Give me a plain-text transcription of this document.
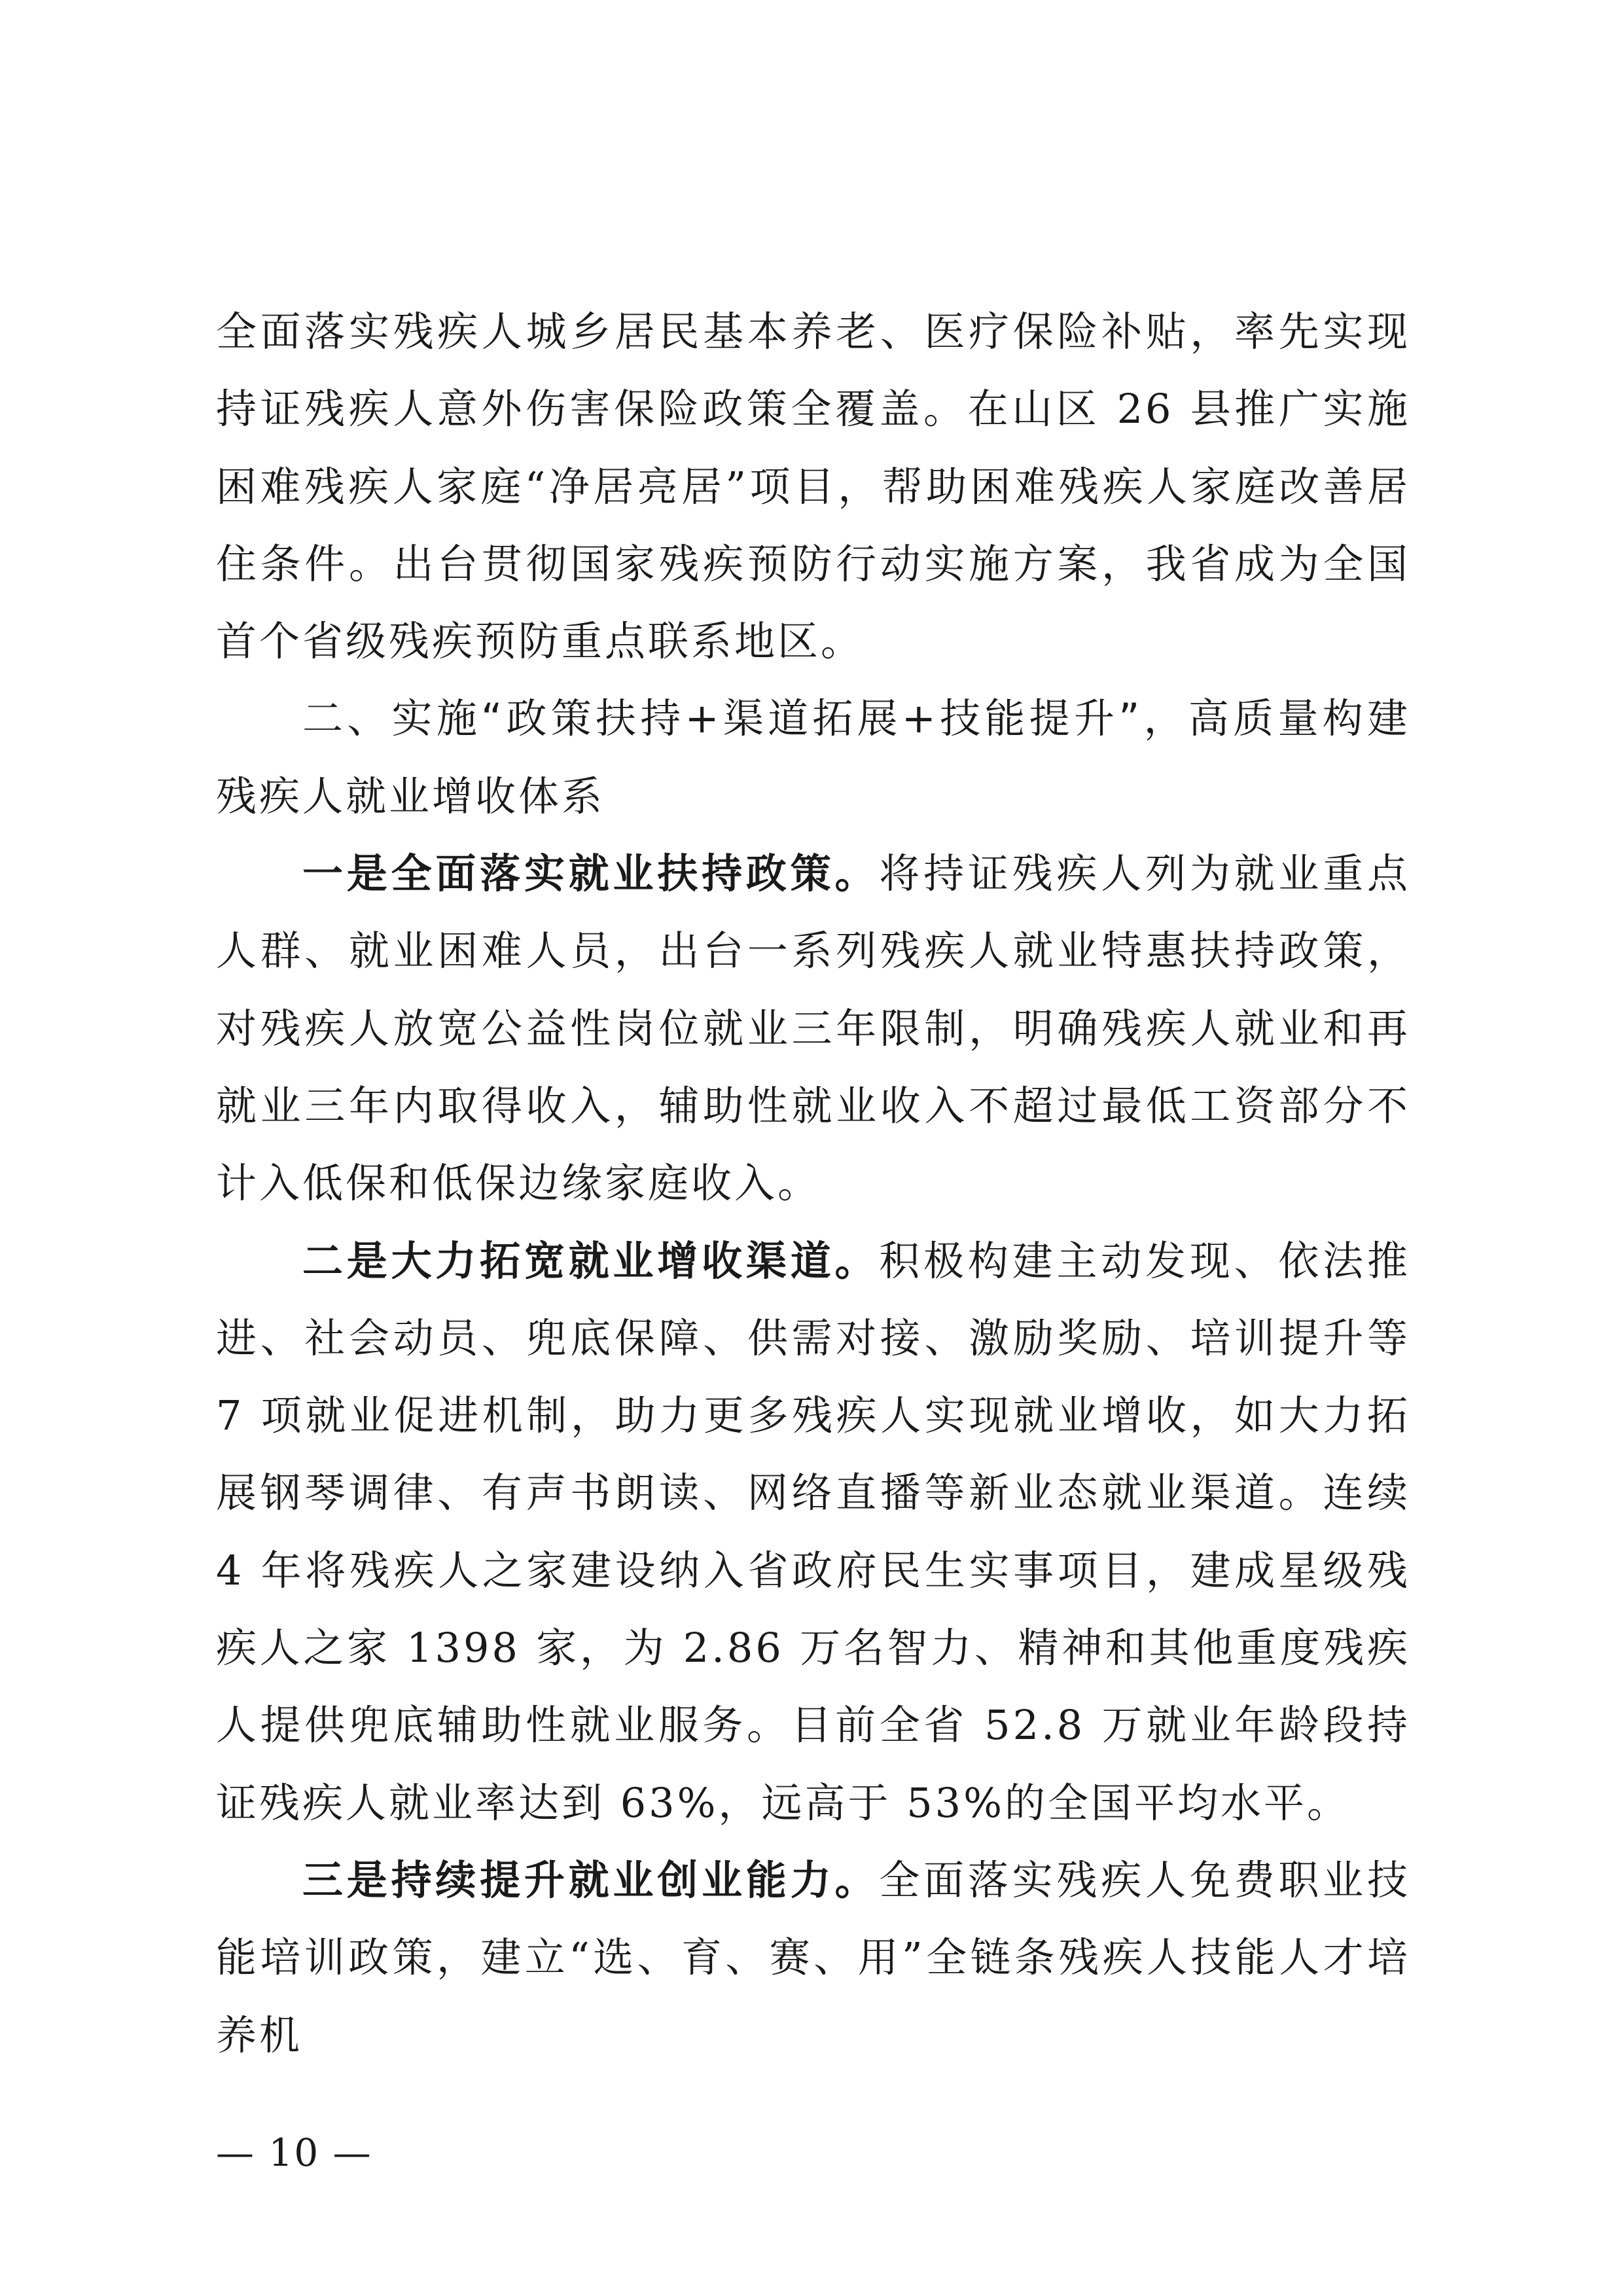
全面落实残疾人城乡居民基本养老、医疗保险补贴，率先实现持证残疾人意外伤害保险政策全覆盖。在山区 26 县推广实施困难残疾人家庭“净居亮居”项目，帮助困难残疾人家庭改善居住条件。出台贯彻国家残疾预防行动实施方案，我省成为全国首个省级残疾预防重点联系地区。

二、实施“政策扶持+渠道拓展+技能提升”，高质量构建残疾人就业增收体系

一是全面落实就业扶持政策。将持证残疾人列为就业重点人群、就业困难人员，出台一系列残疾人就业特惠扶持政策，对残疾人放宽公益性岗位就业三年限制，明确残疾人就业和再就业三年内取得收入，辅助性就业收入不超过最低工资部分不计入低保和低保边缘家庭收入。

二是大力拓宽就业增收渠道。积极构建主动发现、依法推进、社会动员、兜底保障、供需对接、激励奖励、培训提升等 7 项就业促进机制，助力更多残疾人实现就业增收，如大力拓展钢琴调律、有声书朗读、网络直播等新业态就业渠道。连续 4 年将残疾人之家建设纳入省政府民生实事项目，建成星级残疾人之家 1398 家，为 2.86 万名智力、精神和其他重度残疾人提供兜底辅助性就业服务。目前全省 52.8 万就业年龄段持证残疾人就业率达到 63%，远高于 53%的全国平均水平。

三是持续提升就业创业能力。全面落实残疾人免费职业技能培训政策，建立“选、育、赛、用”全链条残疾人技能人才培养机

— 10 —
